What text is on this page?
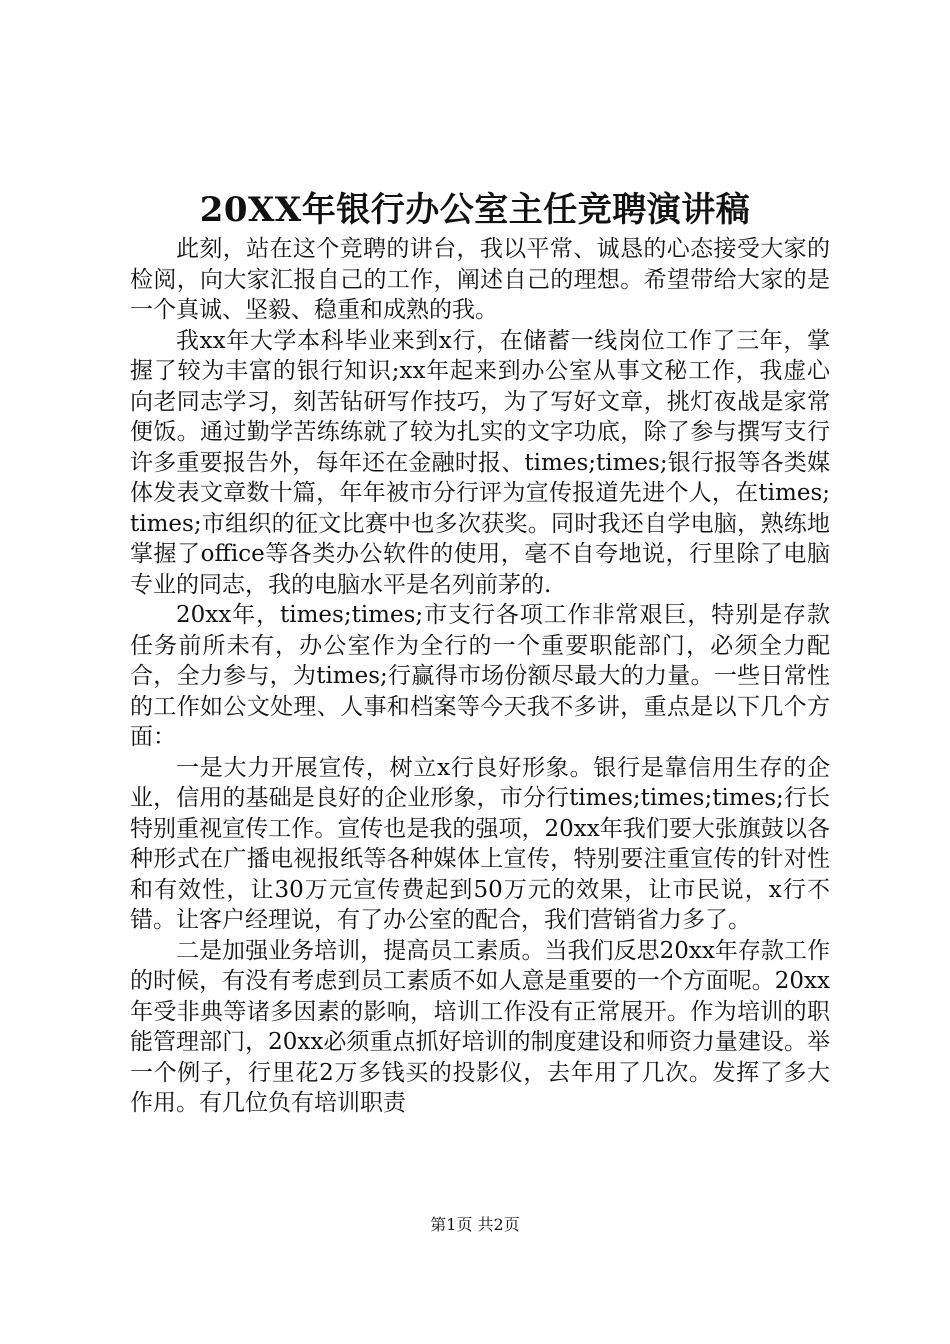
20XX年银行办公室主任竞聘演讲稿

此刻，站在这个竞聘的讲台，我以平常、诚恳的心态接受大家的检阅，向大家汇报自己的工作，阐述自己的理想。希望带给大家的是一个真诚、坚毅、稳重和成熟的我。

我xx年大学本科毕业来到x行，在储蓄一线岗位工作了三年，掌握了较为丰富的银行知识;xx年起来到办公室从事文秘工作，我虚心向老同志学习，刻苦钻研写作技巧，为了写好文章，挑灯夜战是家常便饭。通过勤学苦练练就了较为扎实的文字功底，除了参与撰写支行许多重要报告外，每年还在金融时报、times;times;银行报等各类媒体发表文章数十篇，年年被市分行评为宣传报道先进个人，在times;times;市组织的征文比赛中也多次获奖。同时我还自学电脑，熟练地掌握了office等各类办公软件的使用，毫不自夸地说，行里除了电脑专业的同志，我的电脑水平是名列前茅的.

20xx年，times;times;市支行各项工作非常艰巨，特别是存款任务前所未有，办公室作为全行的一个重要职能部门，必须全力配合，全力参与，为times;行赢得市场份额尽最大的力量。一些日常性的工作如公文处理、人事和档案等今天我不多讲，重点是以下几个方面：

一是大力开展宣传，树立x行良好形象。银行是靠信用生存的企业，信用的基础是良好的企业形象，市分行times;times;times;行长特别重视宣传工作。宣传也是我的强项，20xx年我们要大张旗鼓以各种形式在广播电视报纸等各种媒体上宣传，特别要注重宣传的针对性和有效性，让30万元宣传费起到50万元的效果，让市民说，x行不错。让客户经理说，有了办公室的配合，我们营销省力多了。

二是加强业务培训，提高员工素质。当我们反思20xx年存款工作的时候，有没有考虑到员工素质不如人意是重要的一个方面呢。20xx年受非典等诸多因素的影响，培训工作没有正常展开。作为培训的职能管理部门，20xx必须重点抓好培训的制度建设和师资力量建设。举一个例子，行里花2万多钱买的投影仪，去年用了几次。发挥了多大作用。有几位负有培训职责

第1页 共2页
